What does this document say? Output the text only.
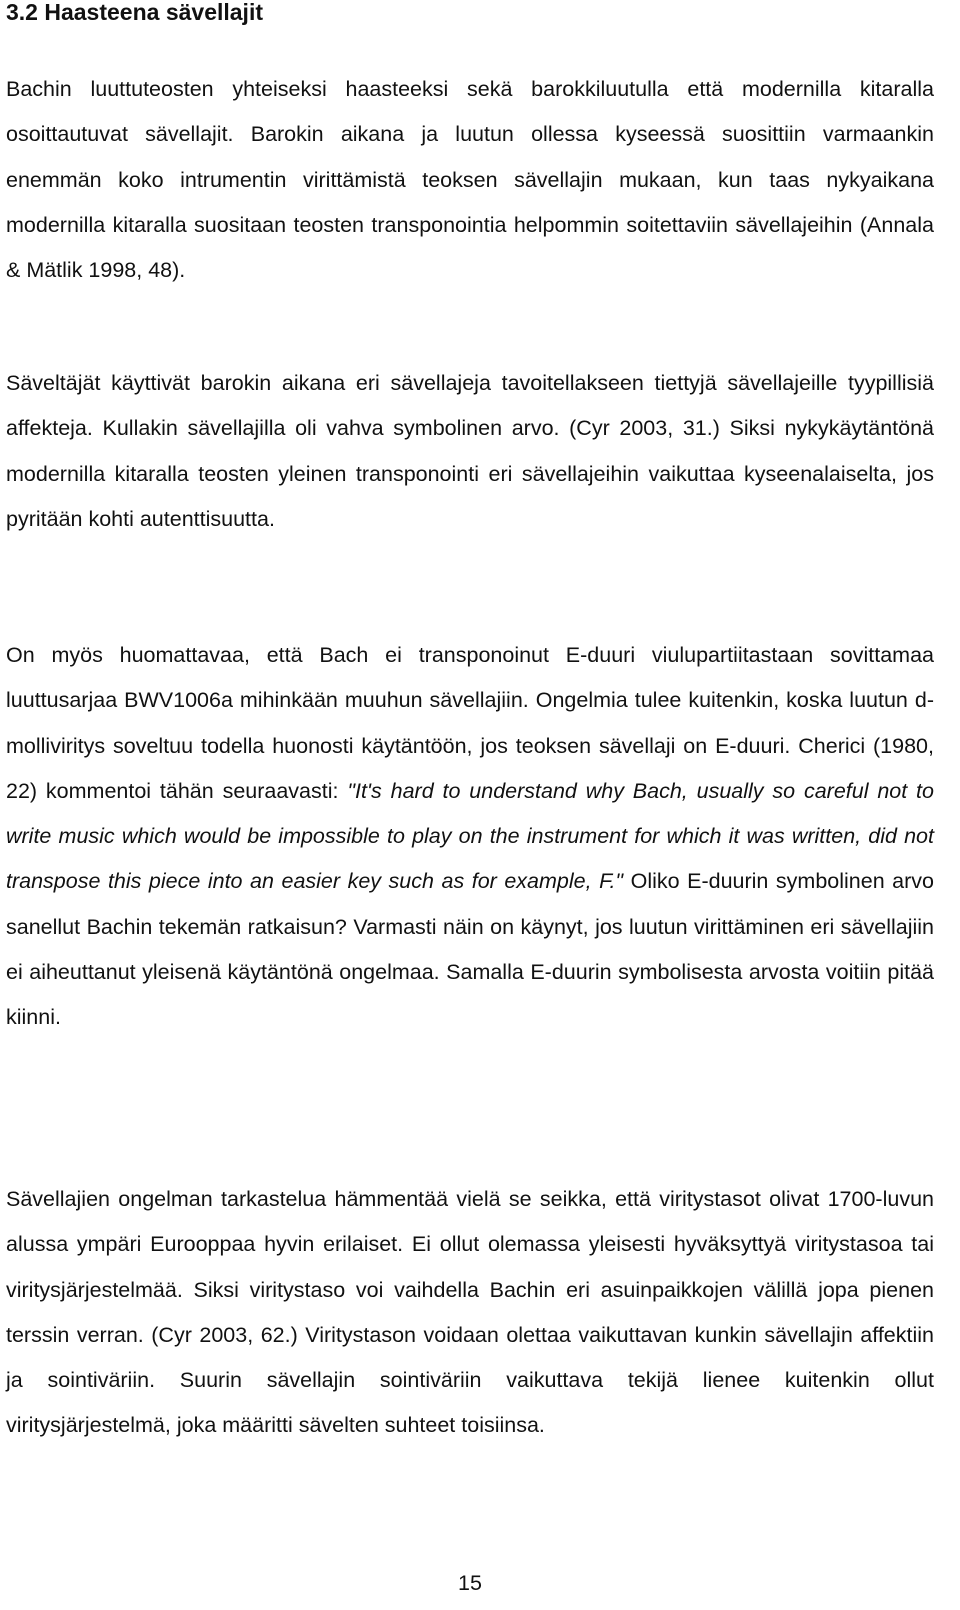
3.2 Haasteena sävellajit

Bachin luuttuteosten yhteiseksi haasteeksi sekä barokkiluutulla että modernilla kitaralla osoittautuvat sävellajit. Barokin aikana ja luutun ollessa kyseessä suosittiin varmaankin enemmän koko intrumentin virittämistä teoksen sävellajin mukaan, kun taas nykyaikana modernilla kitaralla suositaan teosten transponointia helpommin soitettaviin sävellajeihin (Annala & Mätlik 1998, 48).

Säveltäjät käyttivät barokin aikana eri sävellajeja tavoitellakseen tiettyjä sävellajeille tyypillisiä affekteja. Kullakin sävellajilla oli vahva symbolinen arvo. (Cyr 2003, 31.) Siksi nykykäytäntönä modernilla kitaralla teosten yleinen transponointi eri sävellajeihin vaikuttaa kyseenalaiselta, jos pyritään kohti autenttisuutta.

On myös huomattavaa, että Bach ei transponoinut E-duuri viulupartiitastaan sovittamaa luuttusarjaa BWV1006a mihinkään muuhun sävellajiin. Ongelmia tulee kuitenkin, koska luutun d-molliviritys soveltuu todella huonosti käytäntöön, jos teoksen sävellaji on E-duuri. Cherici (1980, 22) kommentoi tähän seuraavasti: "It's hard to understand why Bach, usually so careful not to write music which would be impossible to play on the instrument for which it was written, did not transpose this piece into an easier key such as for example, F." Oliko E-duurin symbolinen arvo sanellut Bachin tekemän ratkaisun? Varmasti näin on käynyt, jos luutun virittäminen eri sävellajiin ei aiheuttanut yleisenä käytäntönä ongelmaa. Samalla E-duurin symbolisesta arvosta voitiin pitää kiinni.

Sävellajien ongelman tarkastelua hämmentää vielä se seikka, että viritystasot olivat 1700-luvun alussa ympäri Eurooppaa hyvin erilaiset. Ei ollut olemassa yleisesti hyväksyttyä viritystasoa tai viritysjärjestelmää. Siksi viritystaso voi vaihdella Bachin eri asuinpaikkojen välillä jopa pienen terssin verran. (Cyr 2003, 62.) Viritystason voidaan olettaa vaikuttavan kunkin sävellajin affektiin ja sointiväriin. Suurin sävellajin sointiväriin vaikuttava tekijä lienee kuitenkin ollut viritysjärjestelmä, joka määritti sävelten suhteet toisiinsa.

15
